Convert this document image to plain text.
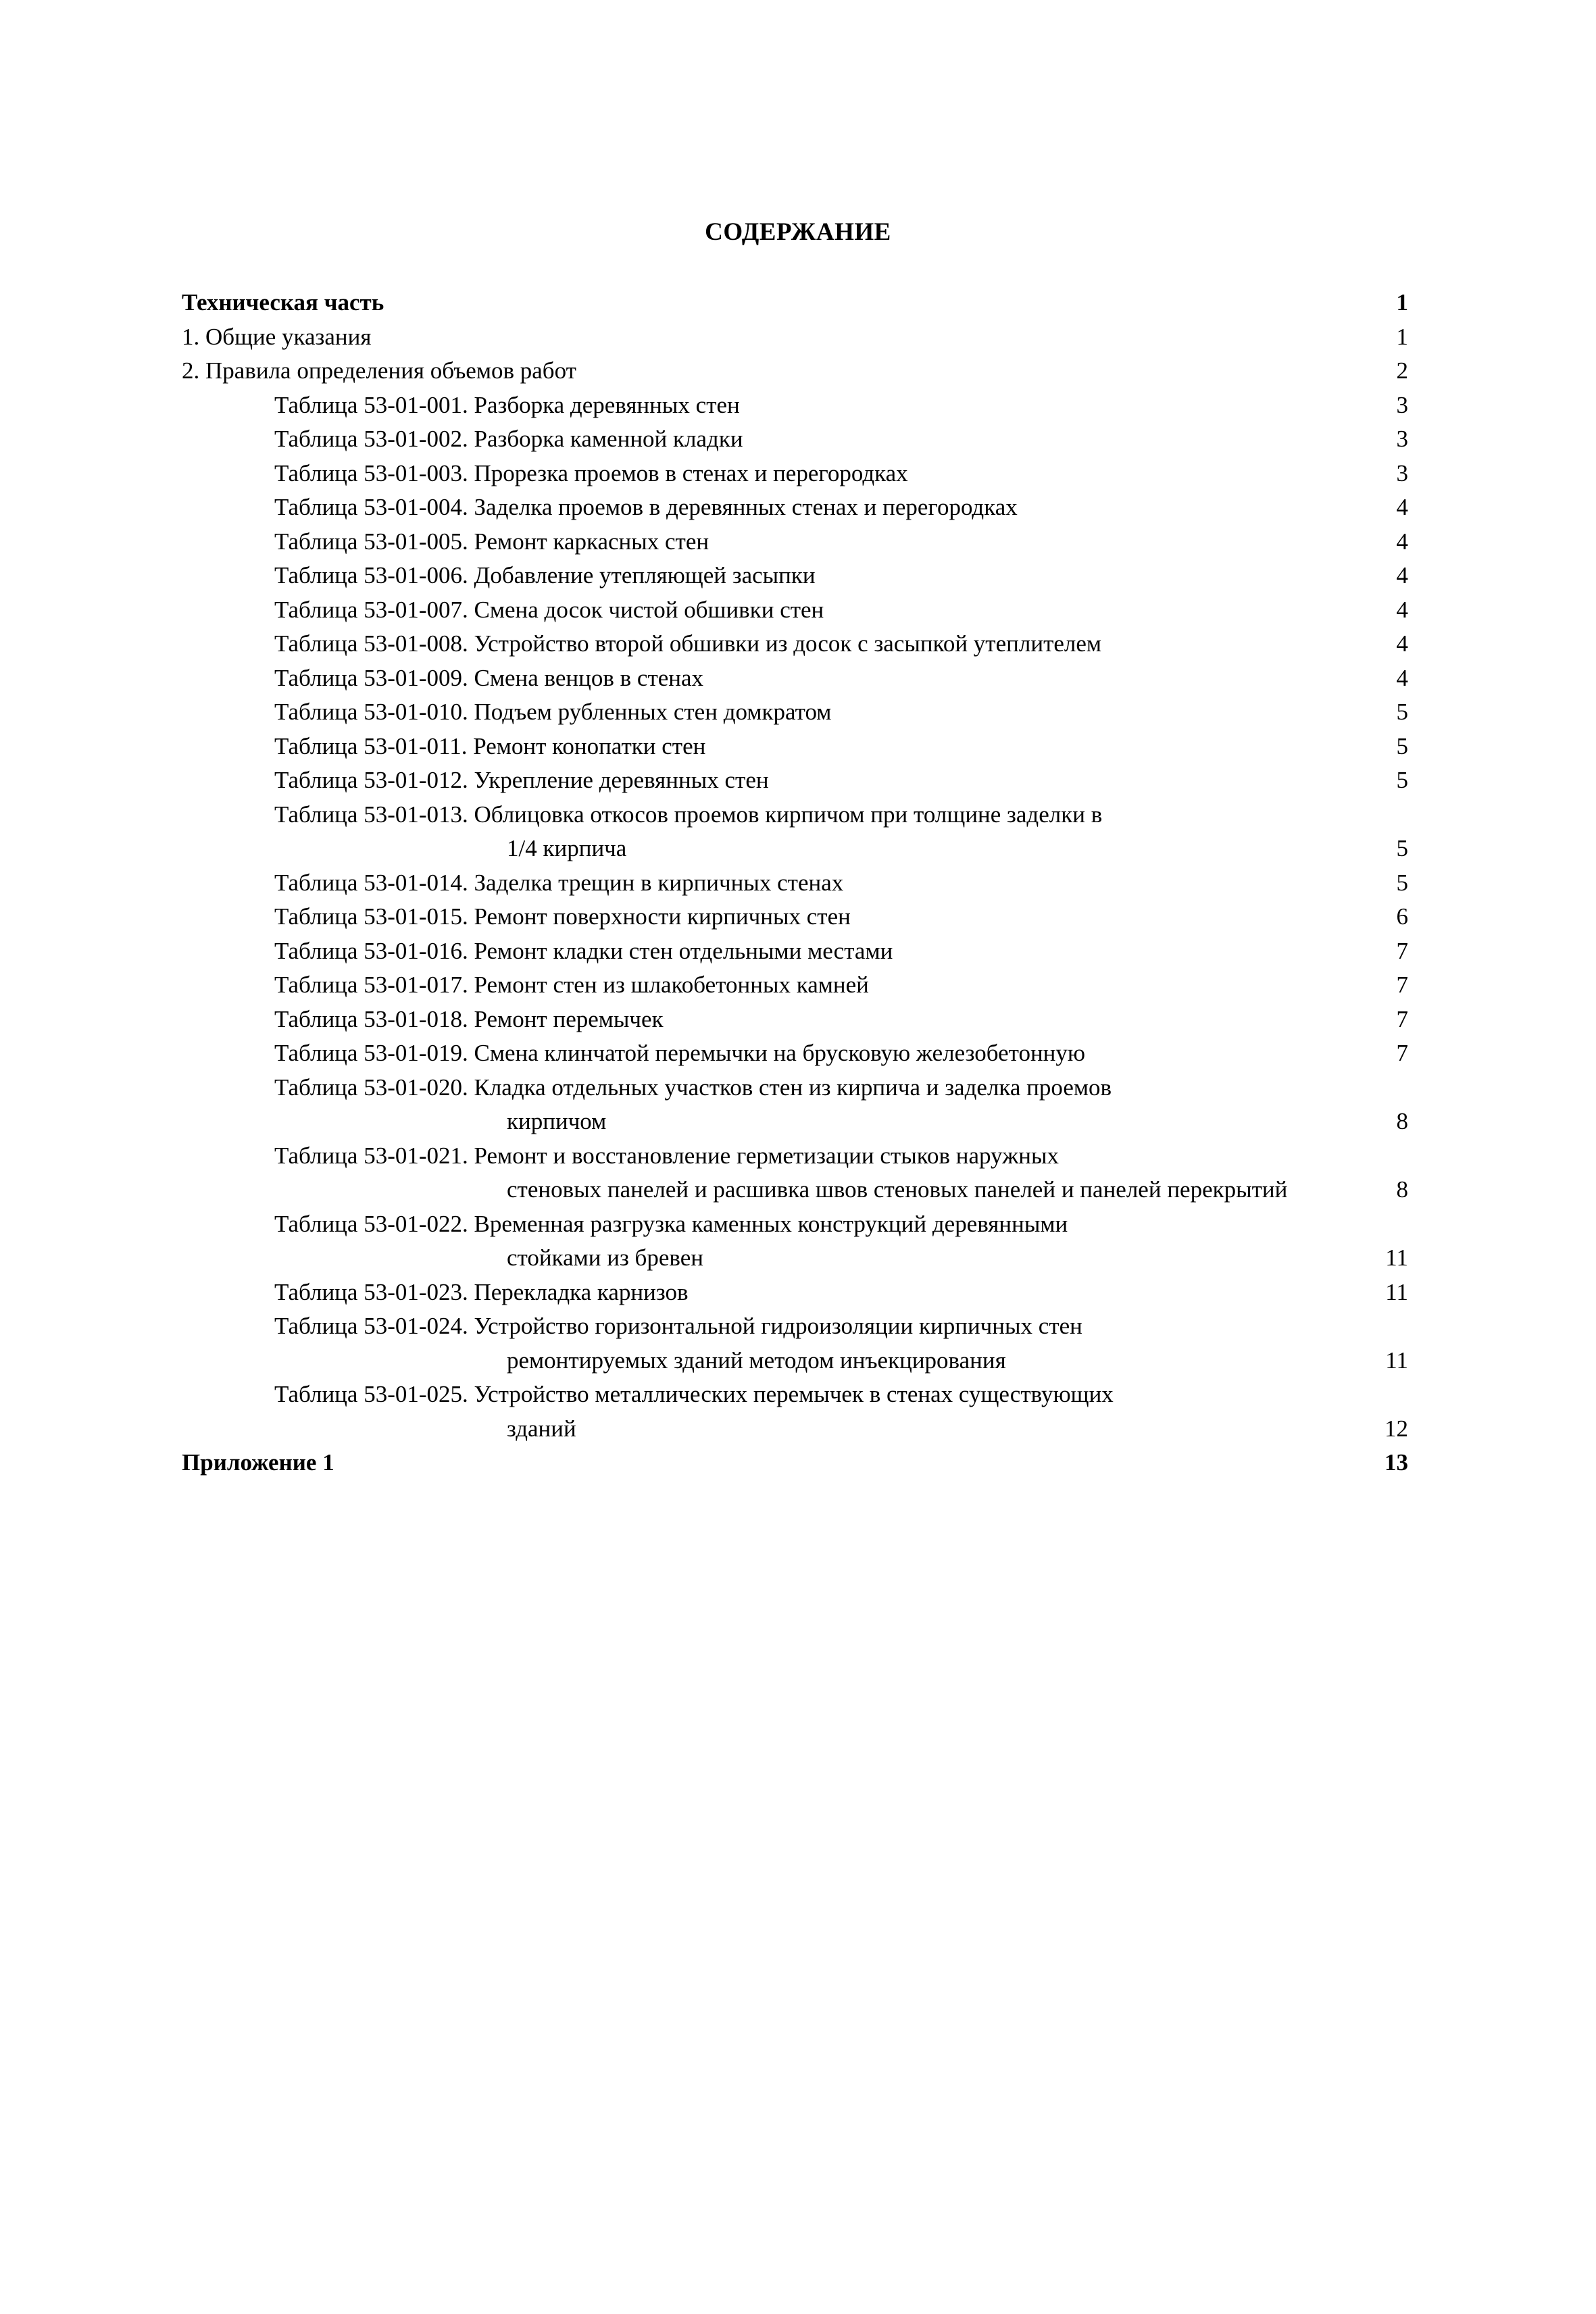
СОДЕРЖАНИЕ
Техническая часть	1
1. Общие указания	1
2. Правила определения объемов работ	2
Таблица 53-01-001. Разборка деревянных стен	3
Таблица 53-01-002. Разборка каменной кладки	3
Таблица 53-01-003. Прорезка проемов в стенах и перегородках	3
Таблица 53-01-004. Заделка проемов в деревянных стенах и перегородках	4
Таблица 53-01-005. Ремонт каркасных стен	4
Таблица 53-01-006. Добавление утепляющей засыпки	4
Таблица 53-01-007. Смена досок чистой обшивки стен	4
Таблица 53-01-008. Устройство второй обшивки из досок с засыпкой утеплителем	4
Таблица 53-01-009. Смена венцов в стенах	4
Таблица 53-01-010. Подъем рубленных стен домкратом	5
Таблица 53-01-011. Ремонт конопатки стен	5
Таблица 53-01-012. Укрепление деревянных стен	5
Таблица 53-01-013. Облицовка откосов проемов кирпичом при толщине заделки в
1/4 кирпича	5
Таблица 53-01-014. Заделка трещин в кирпичных стенах	5
Таблица 53-01-015. Ремонт поверхности кирпичных стен	6
Таблица 53-01-016. Ремонт кладки стен отдельными местами	7
Таблица 53-01-017. Ремонт стен из шлакобетонных камней	7
Таблица 53-01-018. Ремонт перемычек	7
Таблица 53-01-019. Смена клинчатой перемычки на брусковую железобетонную	7
Таблица 53-01-020. Кладка отдельных участков стен из кирпича и заделка проемов
кирпичом	8
Таблица 53-01-021. Ремонт и восстановление герметизации стыков наружных
стеновых панелей и расшивка швов стеновых панелей и панелей перекрытий	8
Таблица 53-01-022. Временная разгрузка каменных конструкций деревянными
стойками из бревен	11
Таблица 53-01-023. Перекладка карнизов	11
Таблица 53-01-024. Устройство горизонтальной гидроизоляции кирпичных стен
ремонтируемых зданий методом инъекцирования	11
Таблица 53-01-025. Устройство металлических перемычек в стенах существующих
зданий	12
Приложение 1	13
